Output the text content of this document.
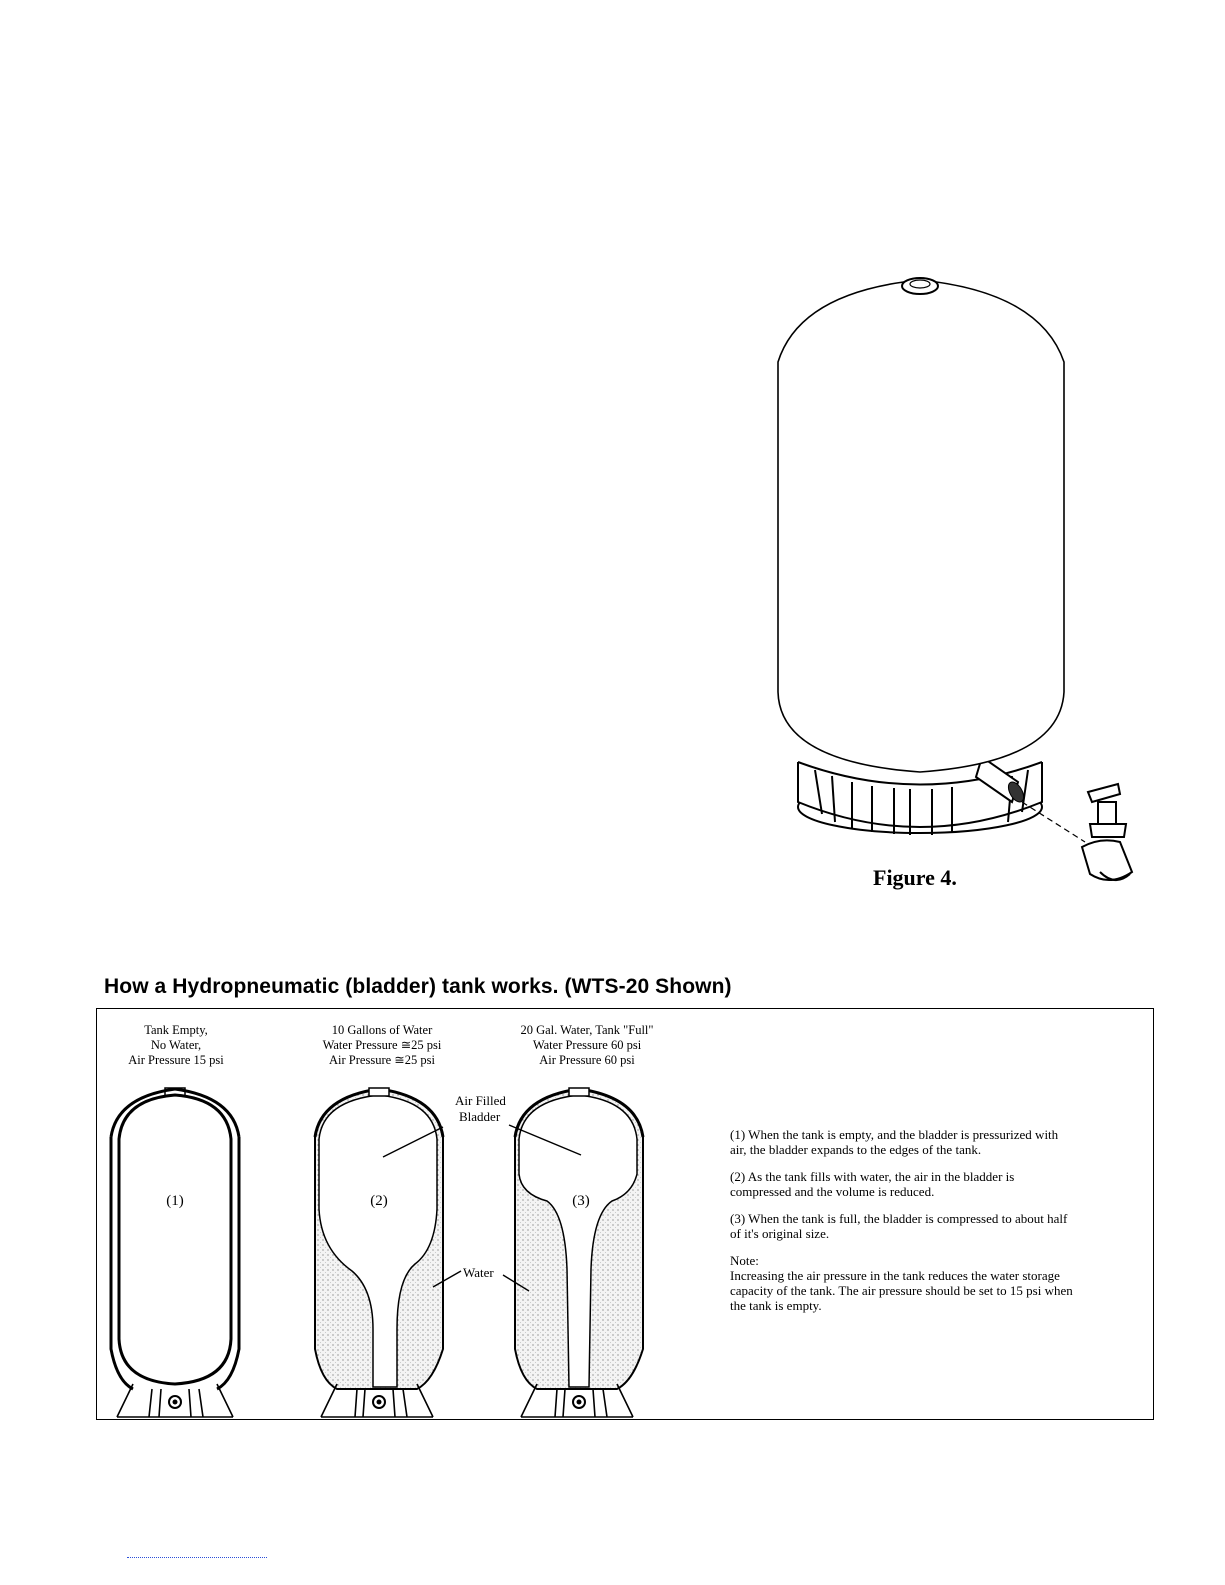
Figure 4.
How a Hydropneumatic (bladder) tank works. (WTS-20 Shown)
Tank Empty,
No Water,
Air Pressure 15 psi
10 Gallons of Water
Water Pressure ≅25 psi
Air Pressure ≅25 psi
20 Gal. Water, Tank "Full"
Water Pressure 60 psi
Air Pressure 60 psi
(1)	(2)	(3)
Air Filled
Bladder
Water

(1) When the tank is empty, and the bladder is pressurized with air, the bladder expands to the edges of the tank.

(2) As the tank fills with water, the air in the bladder is compressed and the volume is reduced.

(3) When the tank is full, the bladder is compressed to about half of it's original size.

Note:

Increasing the air pressure in the tank reduces the water storage capacity of the tank. The air pressure should be set to 15 psi when the tank is empty.
